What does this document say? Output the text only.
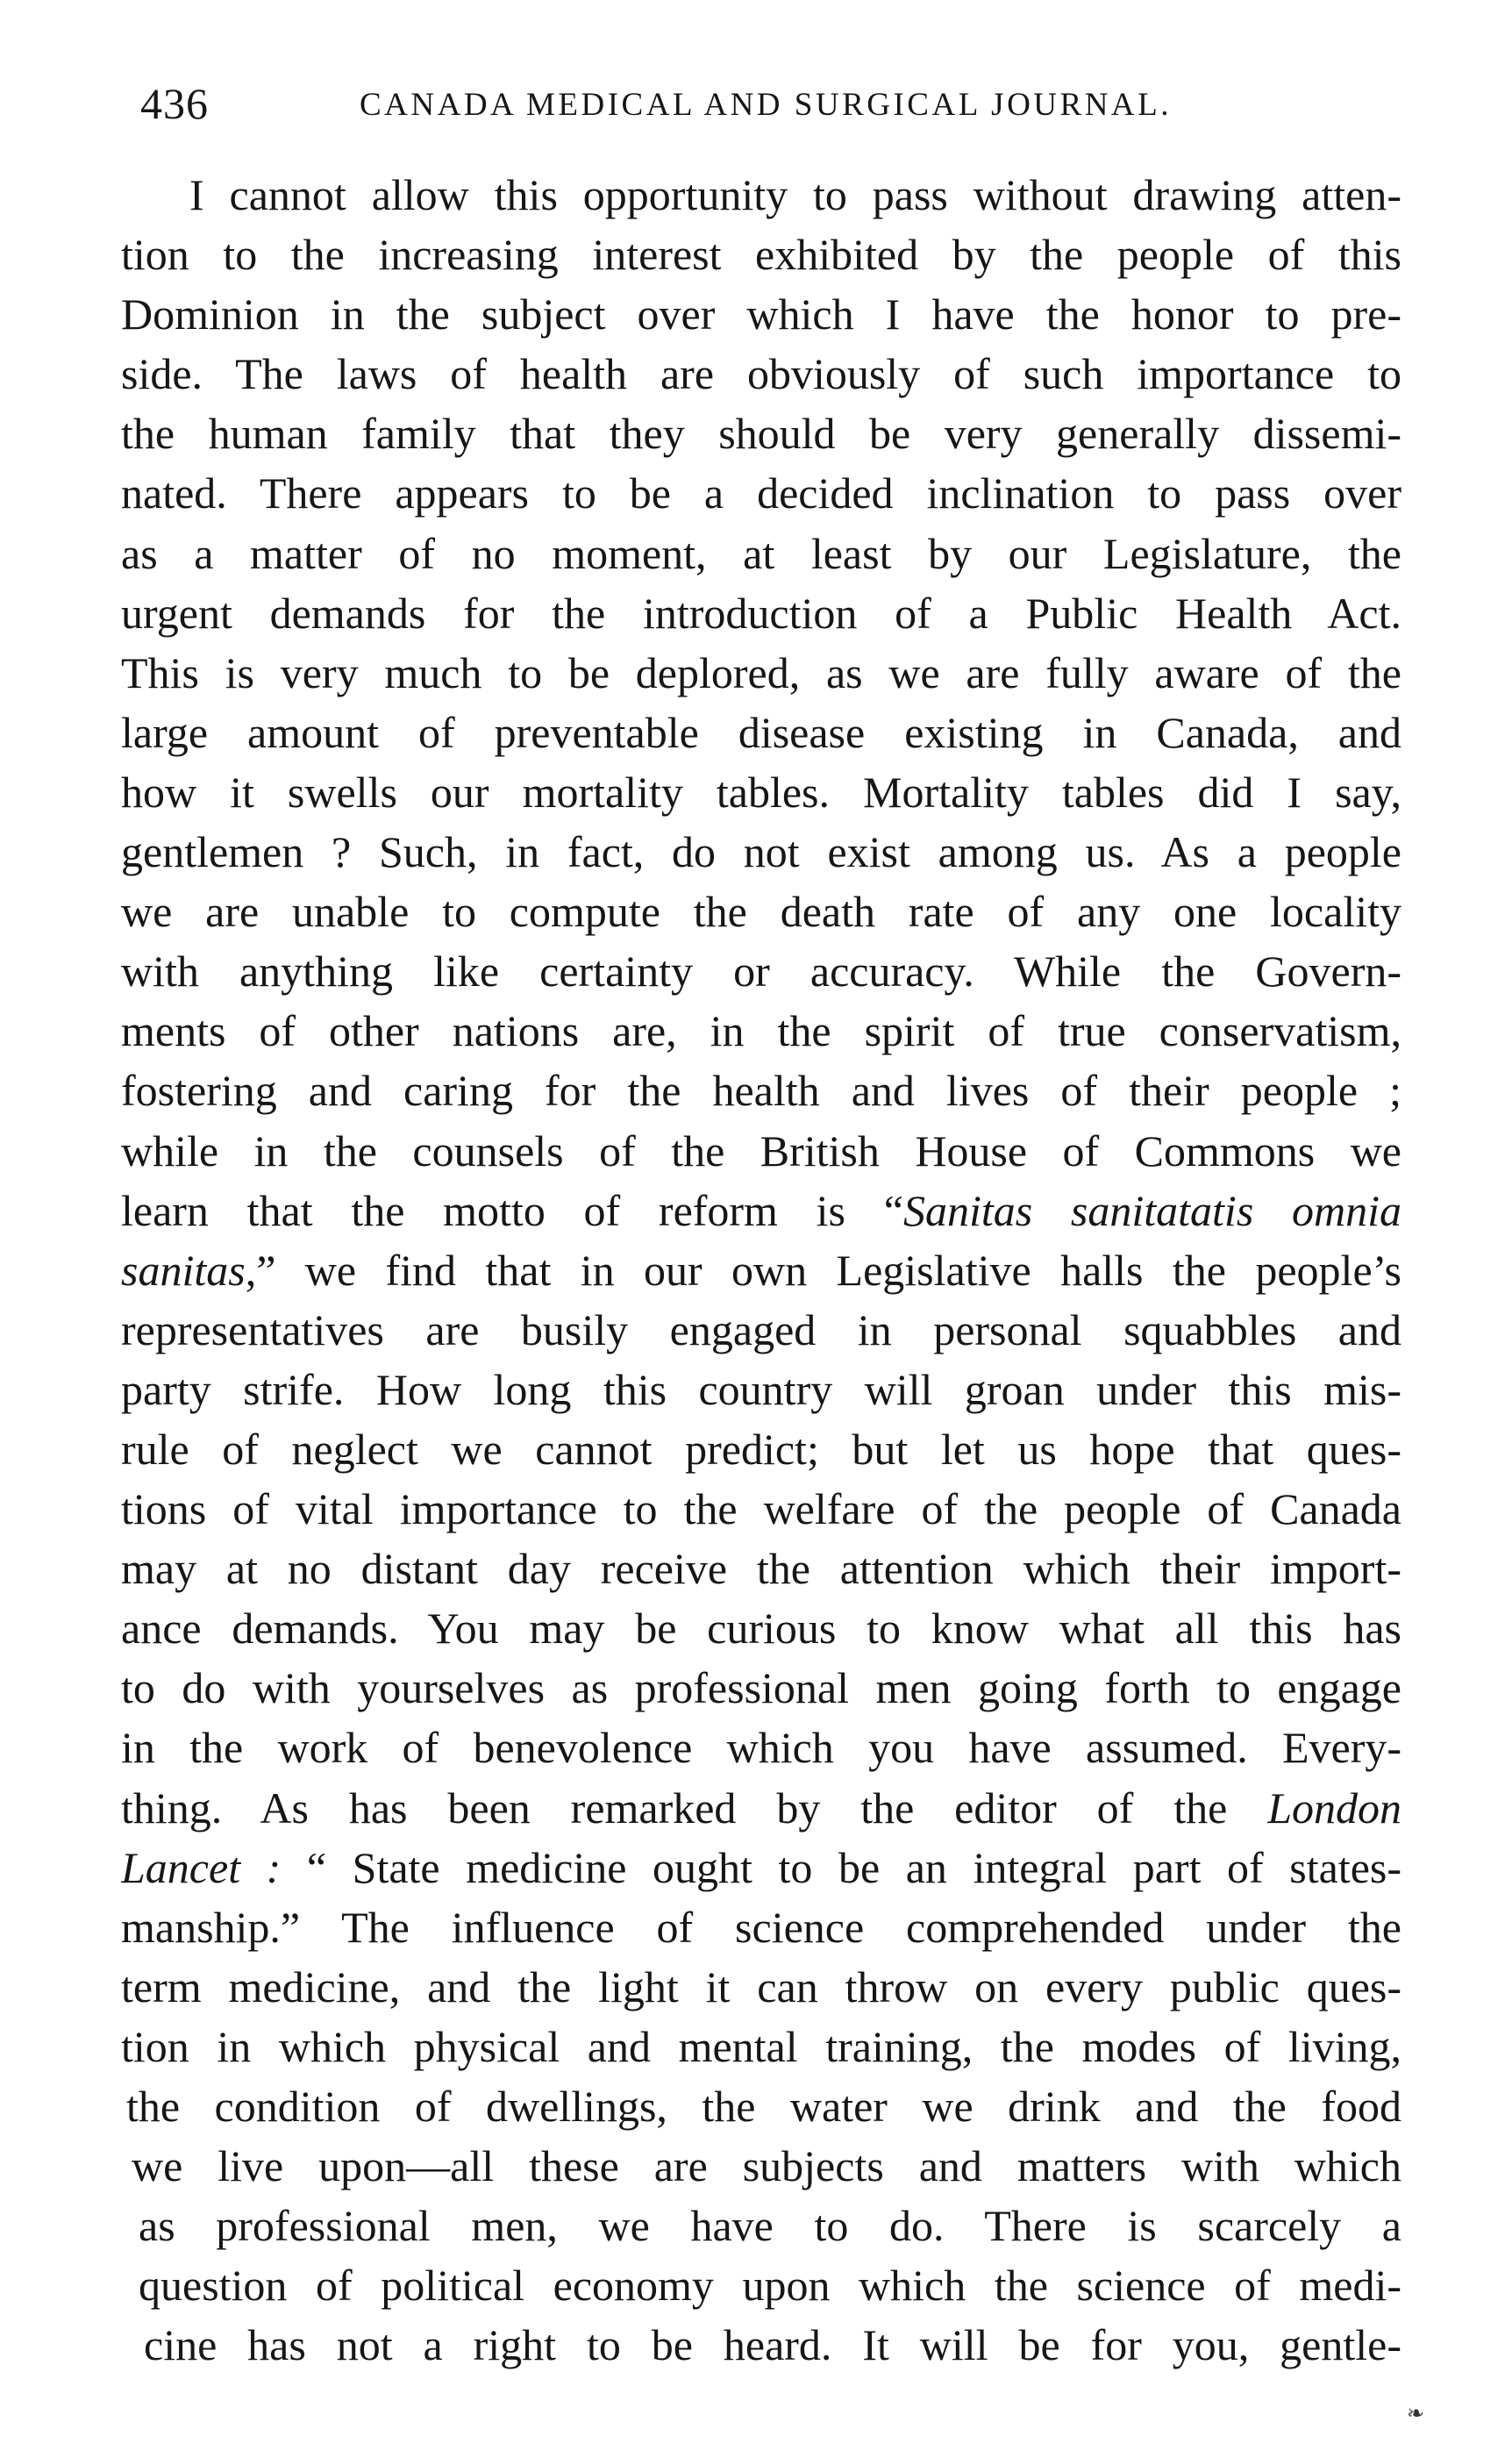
436	CANADA MEDICAL AND SURGICAL JOURNAL.
I cannot allow this opportunity to pass without drawing atten-
tion to the increasing interest exhibited by the people of this
Dominion in the subject over which I have the honor to pre-
side. The laws of health are obviously of such importance to
the human family that they should be very generally dissemi-
nated. There appears to be a decided inclination to pass over
as a matter of no moment, at least by our Legislature, the
urgent demands for the introduction of a Public Health Act.
This is very much to be deplored, as we are fully aware of the
large amount of preventable disease existing in Canada, and
how it swells our mortality tables. Mortality tables did I say,
gentlemen ? Such, in fact, do not exist among us. As a people
we are unable to compute the death rate of any one locality
with anything like certainty or accuracy. While the Govern-
ments of other nations are, in the spirit of true conservatism,
fostering and caring for the health and lives of their people ;
while in the counsels of the British House of Commons we
learn that the motto of reform is “Sanitas sanitatatis omnia
sanitas,” we find that in our own Legislative halls the people’s
representatives are busily engaged in personal squabbles and
party strife. How long this country will groan under this mis-
rule of neglect we cannot predict; but let us hope that ques-
tions of vital importance to the welfare of the people of Canada
may at no distant day receive the attention which their import-
ance demands. You may be curious to know what all this has
to do with yourselves as professional men going forth to engage
in the work of benevolence which you have assumed. Every-
thing. As has been remarked by the editor of the London
Lancet : “ State medicine ought to be an integral part of states-
manship.” The influence of science comprehended under the
term medicine, and the light it can throw on every public ques-
tion in which physical and mental training, the modes of living,
the condition of dwellings, the water we drink and the food
we live upon—all these are subjects and matters with which
as professional men, we have to do. There is scarcely a
question of political economy upon which the science of medi-
cine has not a right to be heard. It will be for you, gentle-
❧
